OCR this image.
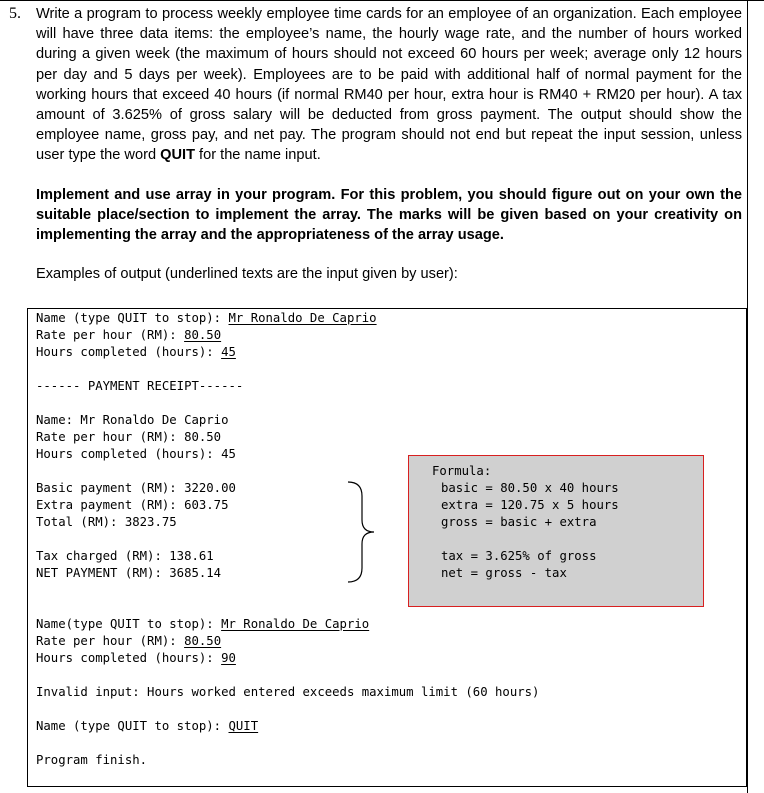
5. Write a program to process weekly employee time cards for an employee of an organization. Each employee will have three data items: the employee’s name, the hourly wage rate, and the number of hours worked during a given week (the maximum of hours should not exceed 60 hours per week; average only 12 hours per day and 5 days per week). Employees are to be paid with additional half of normal payment for the working hours that exceed 40 hours (if normal RM40 per hour, extra hour is RM40 + RM20 per hour). A tax amount of 3.625% of gross salary will be deducted from gross payment. The output should show the employee name, gross pay, and net pay. The program should not end but repeat the input session, unless user type the word QUIT for the name input.
Implement and use array in your program. For this problem, you should figure out on your own the suitable place/section to implement the array. The marks will be given based on your creativity on implementing the array and the appropriateness of the array usage.
Examples of output (underlined texts are the input given by user):
Name (type QUIT to stop): Mr Ronaldo De Caprio
Rate per hour (RM): 80.50
Hours completed (hours): 45
------ PAYMENT RECEIPT------
Name: Mr Ronaldo De Caprio
Rate per hour (RM): 80.50
Hours completed (hours): 45
Basic payment (RM): 3220.00
Extra payment (RM): 603.75
Total (RM): 3823.75
Tax charged (RM): 138.61
NET PAYMENT (RM): 3685.14
Formula:
basic = 80.50 x 40 hours
extra = 120.75 x 5 hours
gross = basic + extra
tax = 3.625% of gross
net = gross - tax
Name(type QUIT to stop): Mr Ronaldo De Caprio
Rate per hour (RM): 80.50
Hours completed (hours): 90
Invalid input: Hours worked entered exceeds maximum limit (60 hours)
Name (type QUIT to stop): QUIT
Program finish.
